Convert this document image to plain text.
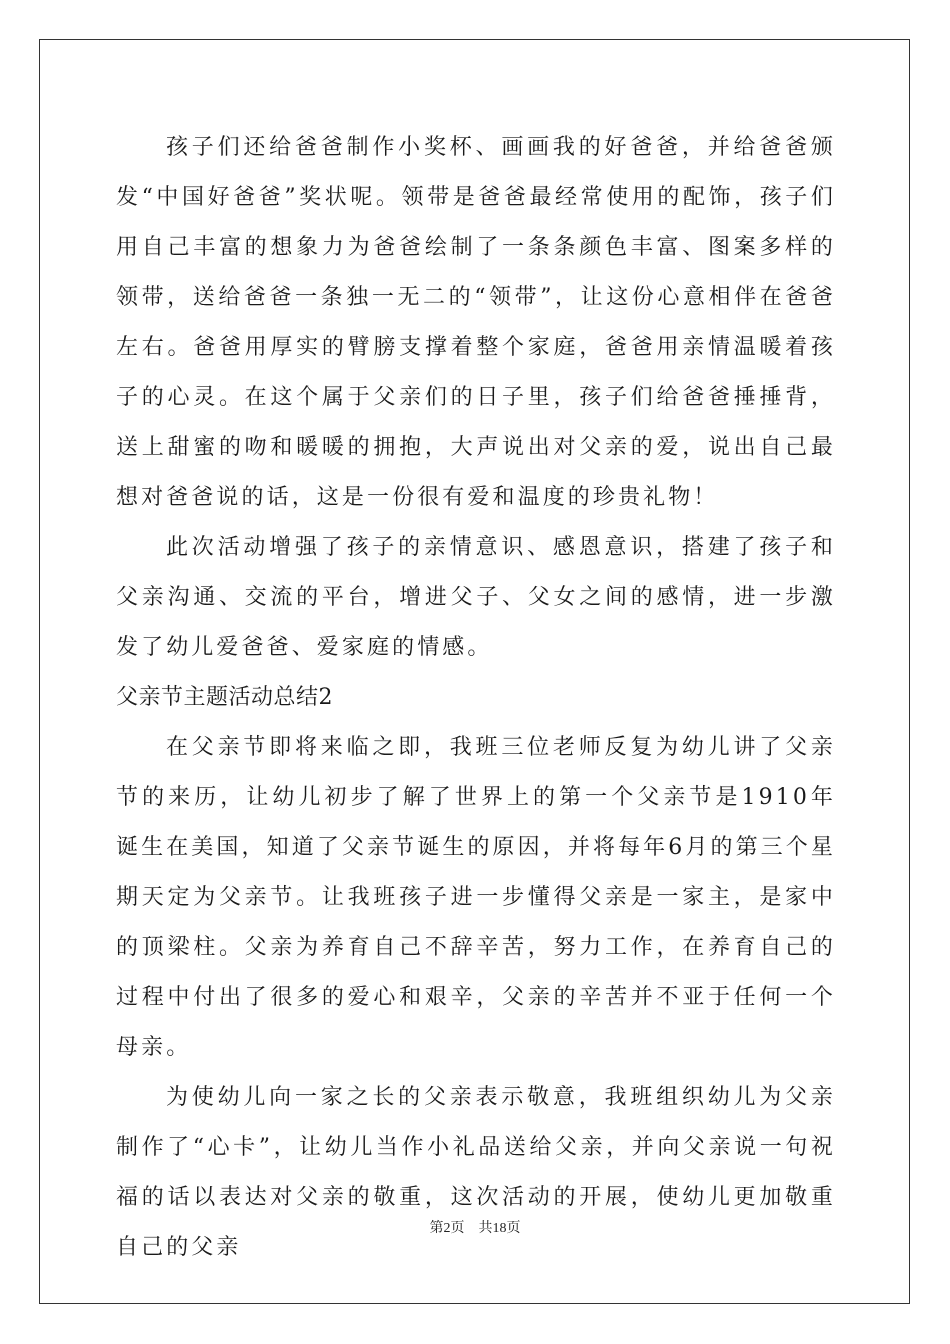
孩子们还给爸爸制作小奖杯、画画我的好爸爸，并给爸爸颁发“中国好爸爸”奖状呢。领带是爸爸最经常使用的配饰，孩子们用自己丰富的想象力为爸爸绘制了一条条颜色丰富、图案多样的领带，送给爸爸一条独一无二的“领带”，让这份心意相伴在爸爸左右。爸爸用厚实的臂膀支撑着整个家庭，爸爸用亲情温暖着孩子的心灵。在这个属于父亲们的日子里，孩子们给爸爸捶捶背，送上甜蜜的吻和暖暖的拥抱，大声说出对父亲的爱，说出自己最想对爸爸说的话，这是一份很有爱和温度的珍贵礼物！

此次活动增强了孩子的亲情意识、感恩意识，搭建了孩子和父亲沟通、交流的平台，增进父子、父女之间的感情，进一步激发了幼儿爱爸爸、爱家庭的情感。

父亲节主题活动总结2

在父亲节即将来临之即，我班三位老师反复为幼儿讲了父亲节的来历，让幼儿初步了解了世界上的第一个父亲节是1910年诞生在美国，知道了父亲节诞生的原因，并将每年6月的第三个星期天定为父亲节。让我班孩子进一步懂得父亲是一家主，是家中的顶梁柱。父亲为养育自己不辞辛苦，努力工作，在养育自己的过程中付出了很多的爱心和艰辛，父亲的辛苦并不亚于任何一个母亲。

为使幼儿向一家之长的父亲表示敬意，我班组织幼儿为父亲制作了“心卡”，让幼儿当作小礼品送给父亲，并向父亲说一句祝福的话以表达对父亲的敬重，这次活动的开展，使幼儿更加敬重自己的父亲

第2页 共18页
